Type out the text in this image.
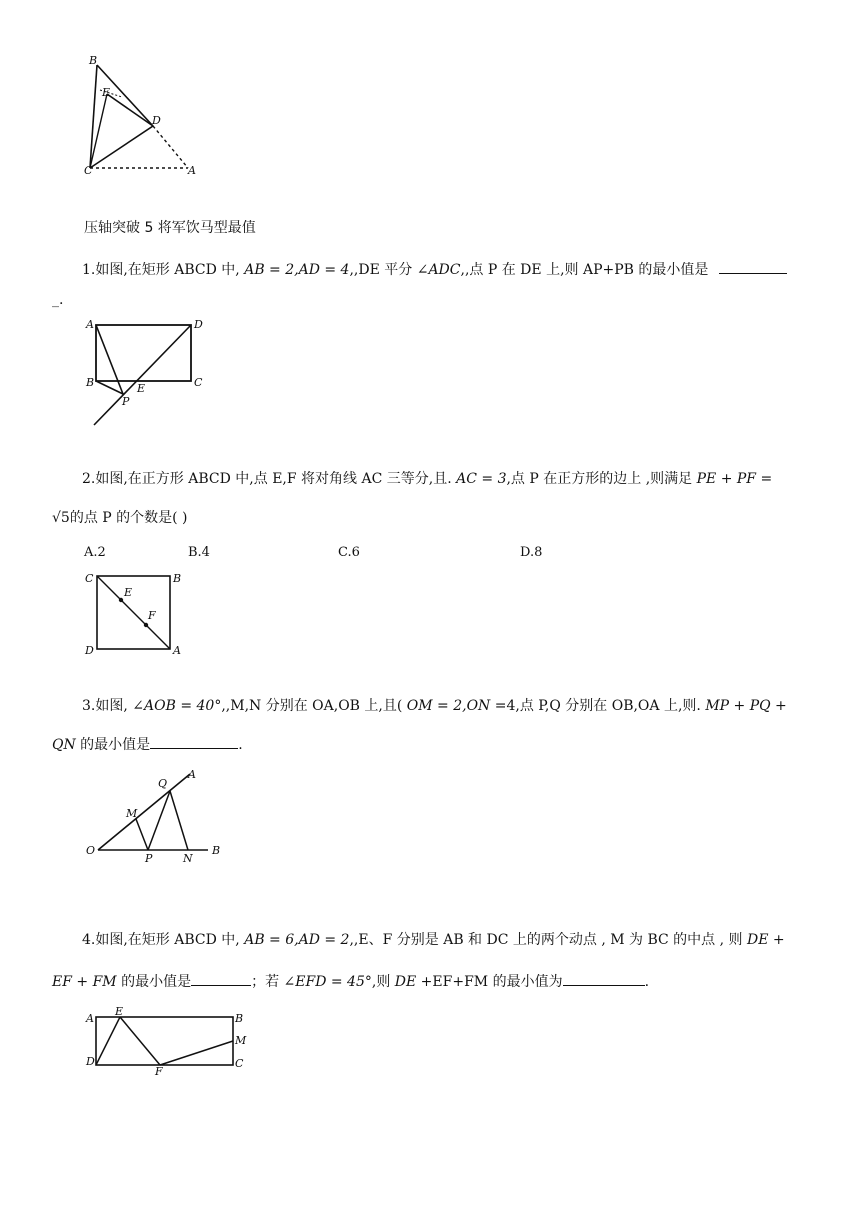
B
E
D
C	A
压轴突破 5 将军饮马型最值
1.如图,在矩形 ABCD 中, AB = 2,AD = 4,,DE 平分 ∠ADC,,点 P 在 DE 上,则 AP+PB 的最小值是
_.
A	D
B	C
E
P
2.如图,在正方形 ABCD 中,点 E,F 将对角线 AC 三等分,且. AC = 3,点 P 在正方形的边上 ,则满足 PE + PF =
√5的点 P 的个数是( )
A.2	B.4	C.6	D.8
C	B
E
F
D	A
3.如图, ∠AOB = 40°,,M,N 分别在 OA,OB 上,且( OM = 2,ON =4,点 P,Q 分别在 OB,OA 上,则. MP + PQ +
QN 的最小值是	.
Q
A
M
O
P	N
B
4.如图,在矩形 ABCD 中, AB = 6,AD = 2,,E、F 分别是 AB 和 DC 上的两个动点 , M 为 BC 的中点 , 则 DE +
EF + FM 的最小值是	；若 ∠EFD = 45°,则 DE +EF+FM 的最小值为	.
A
E
B
M
D
F
C
